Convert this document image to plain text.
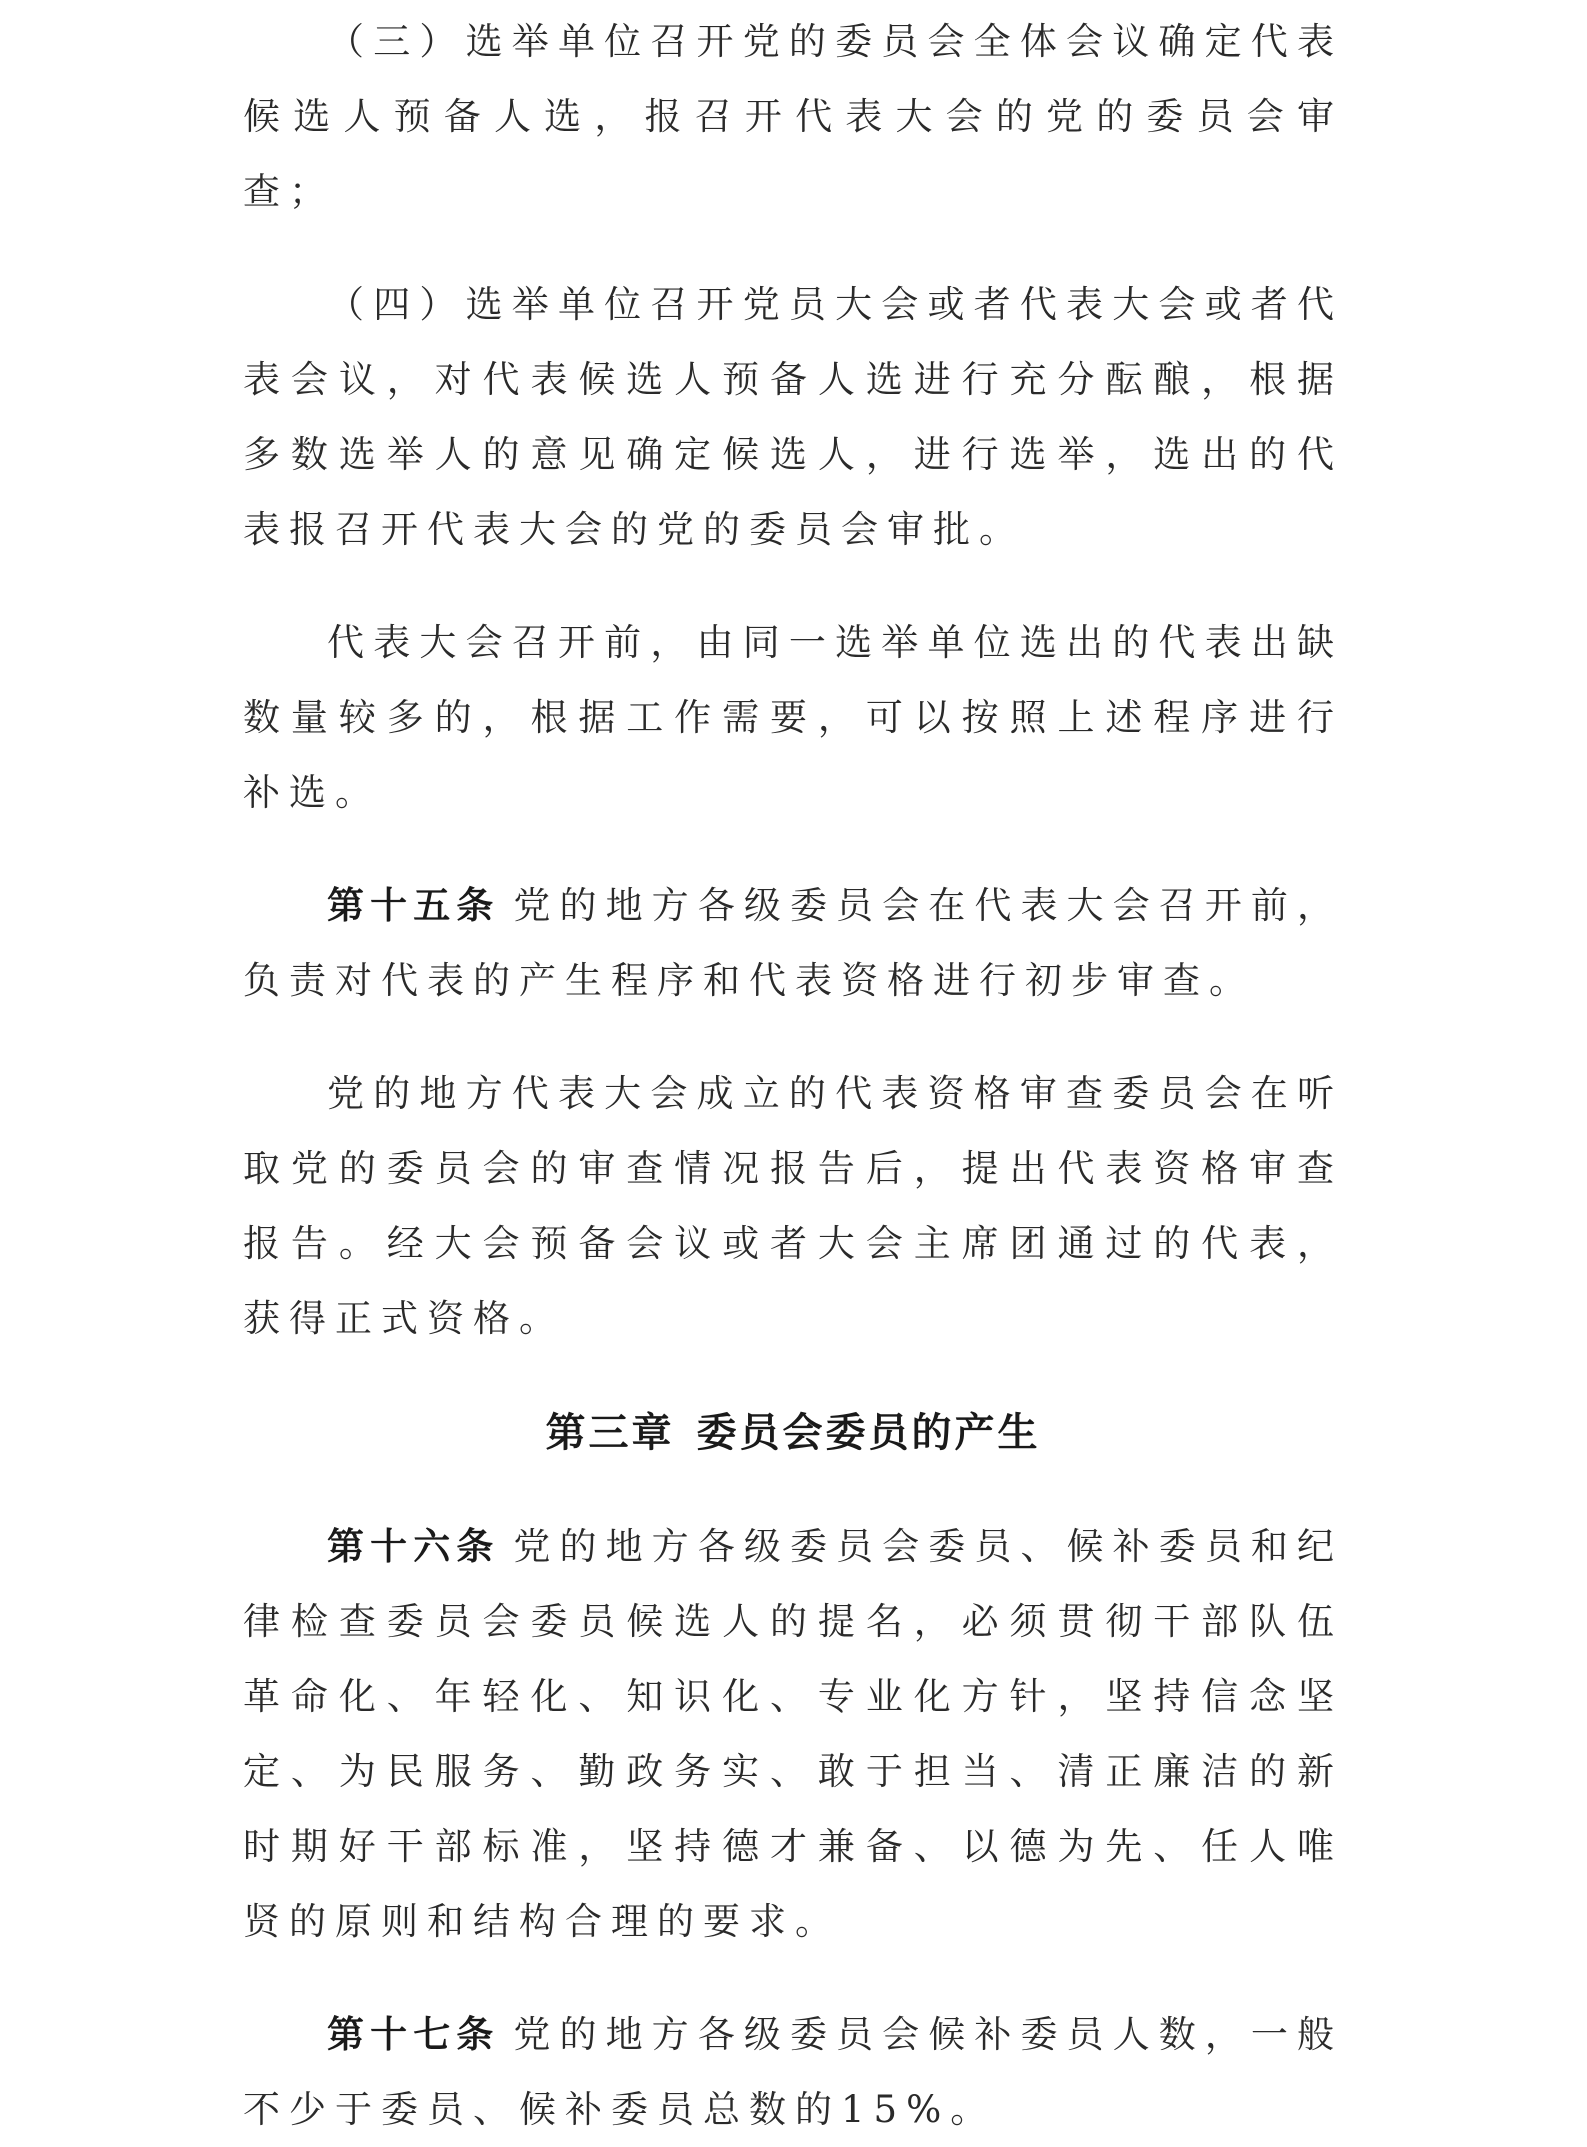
（三）选举单位召开党的委员会全体会议确定代表候选人预备人选，报召开代表大会的党的委员会审查；

（四）选举单位召开党员大会或者代表大会或者代表会议，对代表候选人预备人选进行充分酝酿，根据多数选举人的意见确定候选人，进行选举，选出的代表报召开代表大会的党的委员会审批。

代表大会召开前，由同一选举单位选出的代表出缺数量较多的，根据工作需要，可以按照上述程序进行补选。

第十五条 党的地方各级委员会在代表大会召开前，负责对代表的产生程序和代表资格进行初步审查。

党的地方代表大会成立的代表资格审查委员会在听取党的委员会的审查情况报告后，提出代表资格审查报告。经大会预备会议或者大会主席团通过的代表，获得正式资格。

第三章 委员会委员的产生

第十六条 党的地方各级委员会委员、候补委员和纪律检查委员会委员候选人的提名，必须贯彻干部队伍革命化、年轻化、知识化、专业化方针，坚持信念坚定、为民服务、勤政务实、敢于担当、清正廉洁的新时期好干部标准，坚持德才兼备、以德为先、任人唯贤的原则和结构合理的要求。

第十七条 党的地方各级委员会候补委员人数，一般不少于委员、候补委员总数的15%。
